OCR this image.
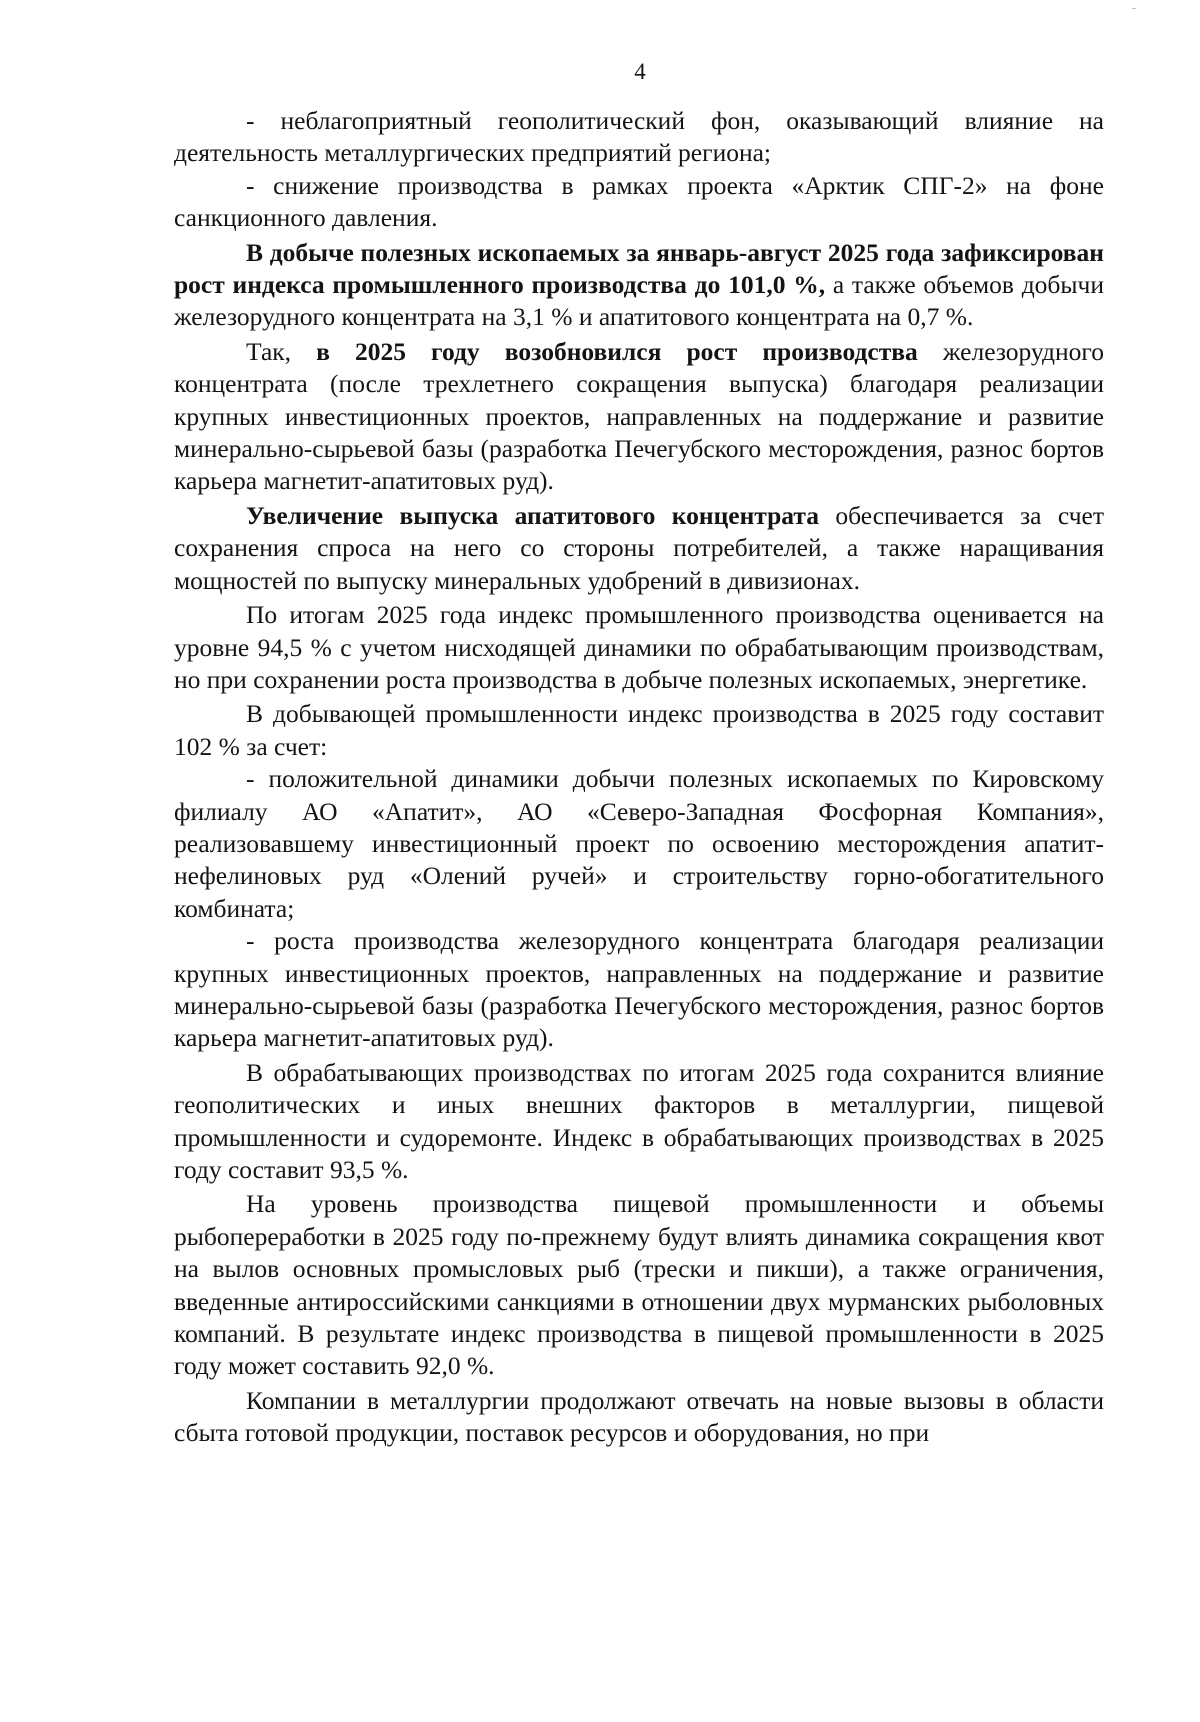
4

- неблагоприятный геополитический фон, оказывающий влияние на деятельность металлургических предприятий региона;

- снижение производства в рамках проекта «Арктик СПГ-2» на фоне санкционного давления.

В добыче полезных ископаемых за январь-август 2025 года зафиксирован рост индекса промышленного производства до 101,0 %, а также объемов добычи железорудного концентрата на 3,1 % и апатитового концентрата на 0,7 %.

Так, в 2025 году возобновился рост производства железорудного концентрата (после трехлетнего сокращения выпуска) благодаря реализации крупных инвестиционных проектов, направленных на поддержание и развитие минерально-сырьевой базы (разработка Печегубского месторождения, разнос бортов карьера магнетит-апатитовых руд).

Увеличение выпуска апатитового концентрата обеспечивается за счет сохранения спроса на него со стороны потребителей, а также наращивания мощностей по выпуску минеральных удобрений в дивизионах.

По итогам 2025 года индекс промышленного производства оценивается на уровне 94,5 % с учетом нисходящей динамики по обрабатывающим производствам, но при сохранении роста производства в добыче полезных ископаемых, энергетике.

В добывающей промышленности индекс производства в 2025 году составит 102 % за счет:

- положительной динамики добычи полезных ископаемых по Кировскому филиалу АО «Апатит», АО «Северо-Западная Фосфорная Компания», реализовавшему инвестиционный проект по освоению месторождения апатит-нефелиновых руд «Олений ручей» и строительству горно-обогатительного комбината;

- роста производства железорудного концентрата благодаря реализации крупных инвестиционных проектов, направленных на поддержание и развитие минерально-сырьевой базы (разработка Печегубского месторождения, разнос бортов карьера магнетит-апатитовых руд).

В обрабатывающих производствах по итогам 2025 года сохранится влияние геополитических и иных внешних факторов в металлургии, пищевой промышленности и судоремонте. Индекс в обрабатывающих производствах в 2025 году составит 93,5 %.

На уровень производства пищевой промышленности и объемы рыбопереработки в 2025 году по-прежнему будут влиять динамика сокращения квот на вылов основных промысловых рыб (трески и пикши), а также ограничения, введенные антироссийскими санкциями в отношении двух мурманских рыболовных компаний. В результате индекс производства в пищевой промышленности в 2025 году может составить 92,0 %.

Компании в металлургии продолжают отвечать на новые вызовы в области сбыта готовой продукции, поставок ресурсов и оборудования, но при
